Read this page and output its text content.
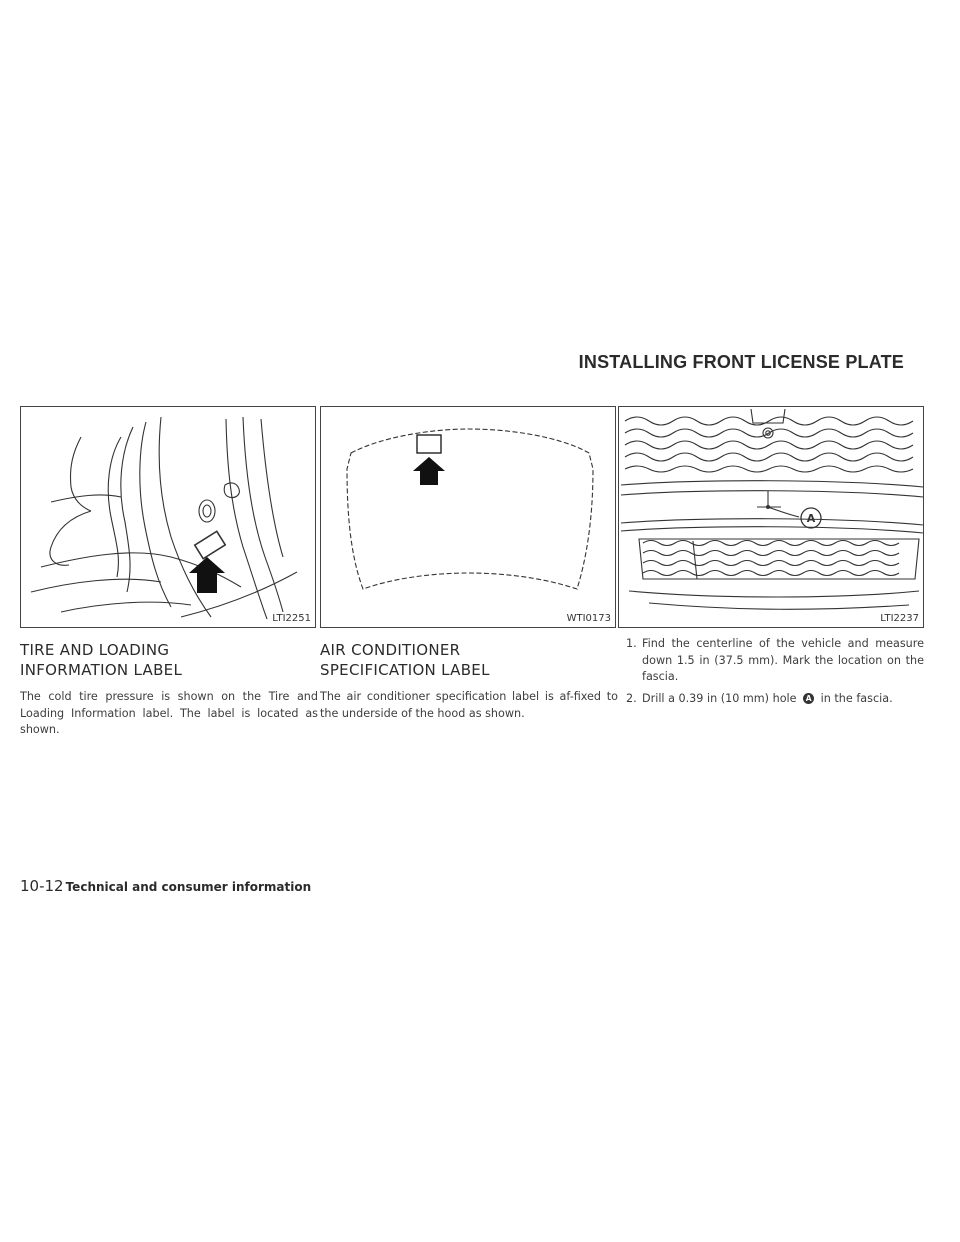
INSTALLING FRONT LICENSE PLATE
LTI2251
TIRE AND LOADING
INFORMATION LABEL

The cold tire pressure is shown on the Tire and Loading Information label. The label is located as shown.

WTI0173
AIR CONDITIONER
SPECIFICATION LABEL

The air conditioner specification label is af-fixed to the underside of the hood as shown.

A
LTI2237
1. Find the centerline of the vehicle and measure down 1.5 in (37.5 mm). Mark the location on the fascia.
2. Drill a 0.39 in (10 mm) hole A in the fascia.
10-12 Technical and consumer information
